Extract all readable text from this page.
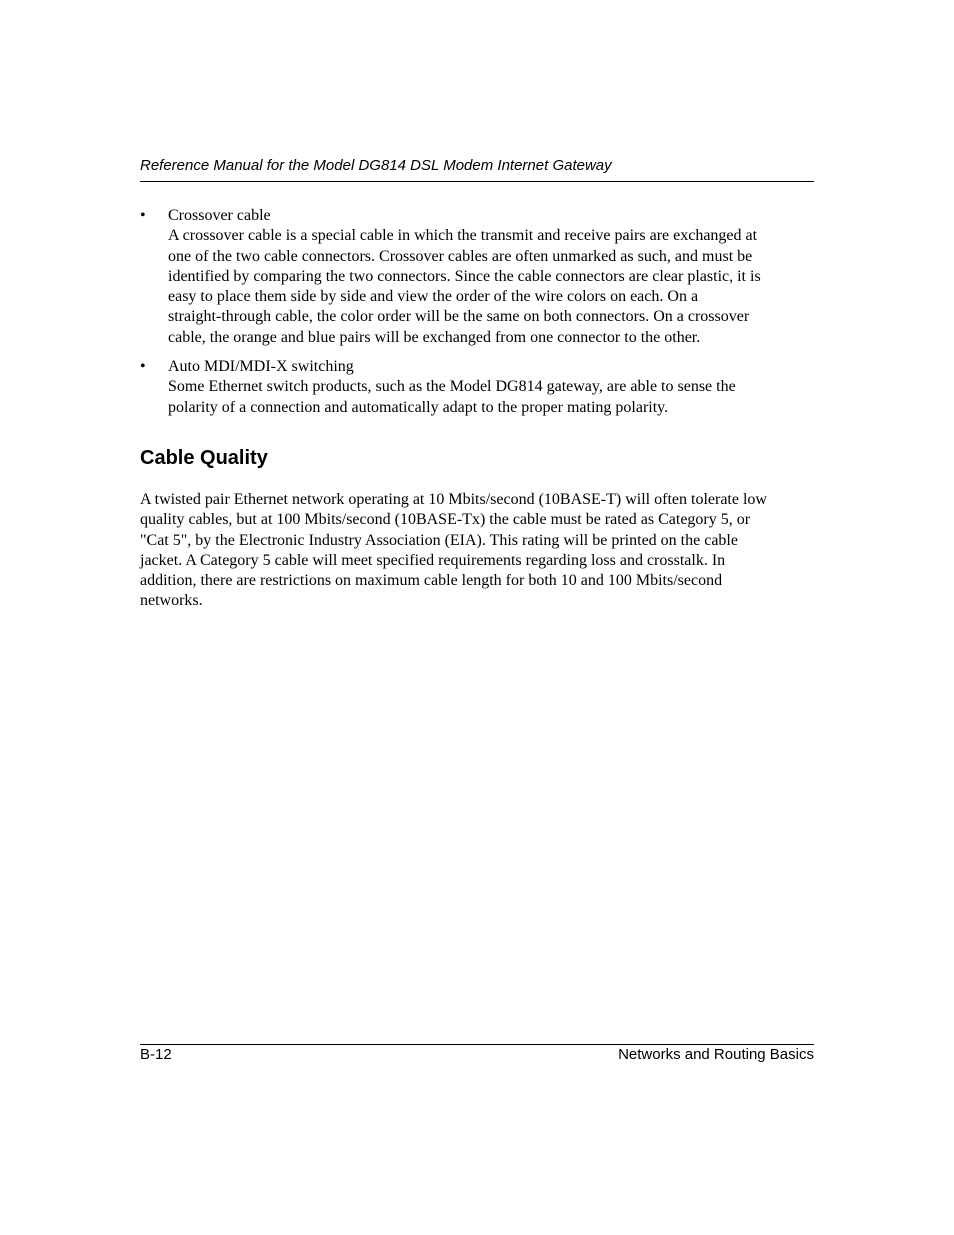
Reference Manual for the Model DG814 DSL Modem Internet Gateway
• Crossover cable
A crossover cable is a special cable in which the transmit and receive pairs are exchanged at
one of the two cable connectors. Crossover cables are often unmarked as such, and must be
identified by comparing the two connectors. Since the cable connectors are clear plastic, it is
easy to place them side by side and view the order of the wire colors on each. On a
straight-through cable, the color order will be the same on both connectors. On a crossover
cable, the orange and blue pairs will be exchanged from one connector to the other.
• Auto MDI/MDI-X switching
Some Ethernet switch products, such as the Model DG814 gateway, are able to sense the
polarity of a connection and automatically adapt to the proper mating polarity.
Cable Quality
A twisted pair Ethernet network operating at 10 Mbits/second (10BASE-T) will often tolerate low
quality cables, but at 100 Mbits/second (10BASE-Tx) the cable must be rated as Category 5, or
"Cat 5", by the Electronic Industry Association (EIA). This rating will be printed on the cable
jacket. A Category 5 cable will meet specified requirements regarding loss and crosstalk. In
addition, there are restrictions on maximum cable length for both 10 and 100 Mbits/second
networks.
B-12	Networks and Routing Basics
